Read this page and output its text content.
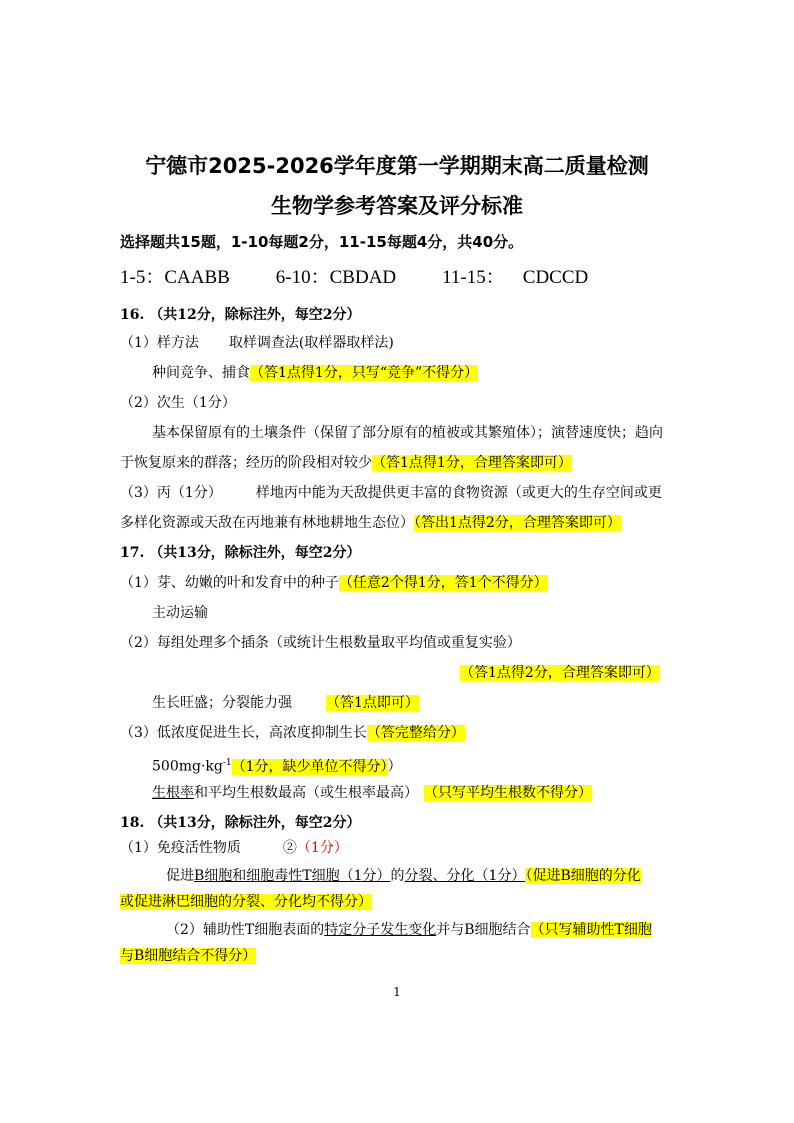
宁德市2025-2026学年度第一学期期末高二质量检测
生物学参考答案及评分标准
选择题共15题，1-10每题2分，11-15每题4分，共40分。
1-5：CAABB 6-10：CBDAD 11-15： CDCCD
16. （共12分，除标注外，每空2分）
（1）样方法 取样调查法(取样器取样法)
种间竞争、捕食（答1点得1分，只写“竞争”不得分）
（2）次生（1分）
基本保留原有的土壤条件（保留了部分原有的植被或其繁殖体）；演替速度快；趋向
于恢复原来的群落；经历的阶段相对较少（答1点得1分，合理答案即可）
（3）丙（1分） 样地丙中能为天敌提供更丰富的食物资源（或更大的生存空间或更
多样化资源或天敌在丙地兼有林地耕地生态位）（答出1点得2分，合理答案即可）
17. （共13分，除标注外，每空2分）
（1）芽、幼嫩的叶和发育中的种子（任意2个得1分，答1个不得分）
主动运输
（2）每组处理多个插条（或统计生根数量取平均值或重复实验）
（答1点得2分，合理答案即可）
生长旺盛；分裂能力强 （答1点即可）
（3）低浓度促进生长，高浓度抑制生长（答完整给分）
$500mg\cdot kg^{-1}(1$分，缺少单位不得分））
生根率和平均生根数最高（或生根率最高） （只写平均生根数不得分）
18. （共13分，除标注外，每空2分）
（1）免疫活性物质	②（1分）
促进B细胞和细胞毒性T细胞（1分）的分裂、分化（1分）（促进B细胞的分化
或促进淋巴细胞的分裂、分化均不得分）
（2）辅助性T细胞表面的特定分子发生变化并与B细胞结合（只写辅助性T细胞
与B细胞结合不得分）
1
